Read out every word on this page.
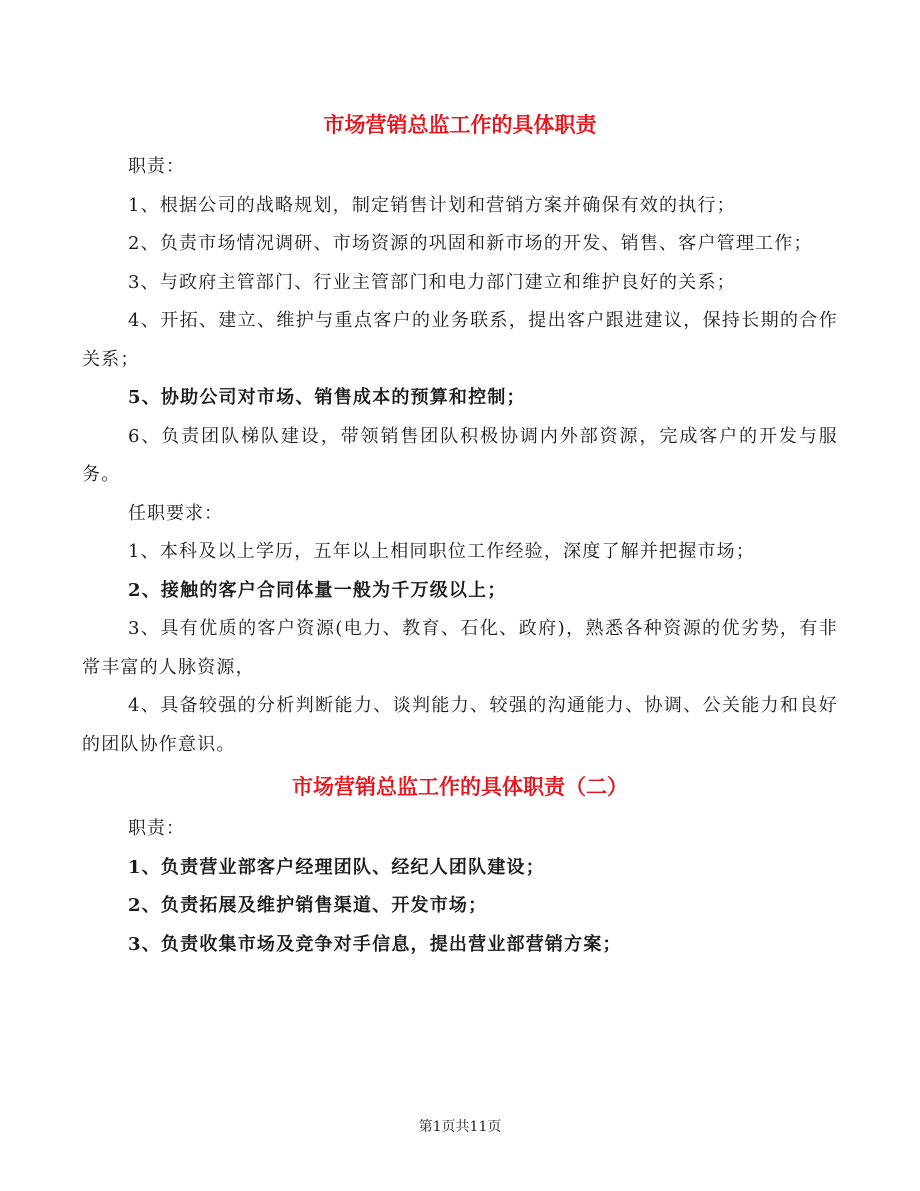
市场营销总监工作的具体职责

职责：

1、根据公司的战略规划，制定销售计划和营销方案并确保有效的执行；

2、负责市场情况调研、市场资源的巩固和新市场的开发、销售、客户管理工作；

3、与政府主管部门、行业主管部门和电力部门建立和维护良好的关系；

4、开拓、建立、维护与重点客户的业务联系，提出客户跟进建议，保持长期的合作关系；

5、协助公司对市场、销售成本的预算和控制；

6、负责团队梯队建设，带领销售团队积极协调内外部资源，完成客户的开发与服务。

任职要求：

1、本科及以上学历，五年以上相同职位工作经验，深度了解并把握市场；

2、接触的客户合同体量一般为千万级以上；

3、具有优质的客户资源(电力、教育、石化、政府)，熟悉各种资源的优劣势，有非常丰富的人脉资源，

4、具备较强的分析判断能力、谈判能力、较强的沟通能力、协调、公关能力和良好的团队协作意识。

市场营销总监工作的具体职责（二）

职责：

1、负责营业部客户经理团队、经纪人团队建设；

2、负责拓展及维护销售渠道、开发市场；

3、负责收集市场及竞争对手信息，提出营业部营销方案；

第1页共11页
